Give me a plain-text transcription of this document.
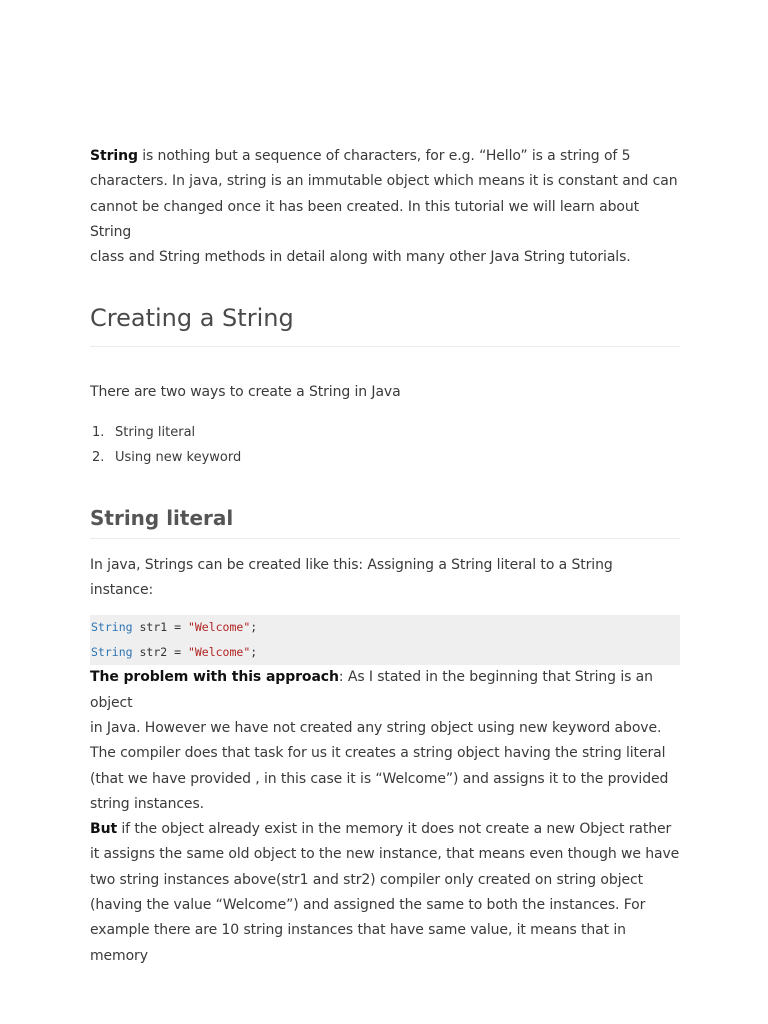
String is nothing but a sequence of characters, for e.g. “Hello” is a string of 5
characters. In java, string is an immutable object which means it is constant and can
cannot be changed once it has been created. In this tutorial we will learn about String
class and String methods in detail along with many other Java String tutorials.
Creating a String

There are two ways to create a String in Java

1. String literal
2. Using new keyword
String literal

In java, Strings can be created like this: Assigning a String literal to a String instance:

String str1 = "Welcome";
String str2 = "Welcome";
The problem with this approach: As I stated in the beginning that String is an object
in Java. However we have not created any string object using new keyword above.
The compiler does that task for us it creates a string object having the string literal
(that we have provided , in this case it is “Welcome”) and assigns it to the provided
string instances.
But if the object already exist in the memory it does not create a new Object rather
it assigns the same old object to the new instance, that means even though we have
two string instances above(str1 and str2) compiler only created on string object
(having the value “Welcome”) and assigned the same to both the instances. For
example there are 10 string instances that have same value, it means that in memory
